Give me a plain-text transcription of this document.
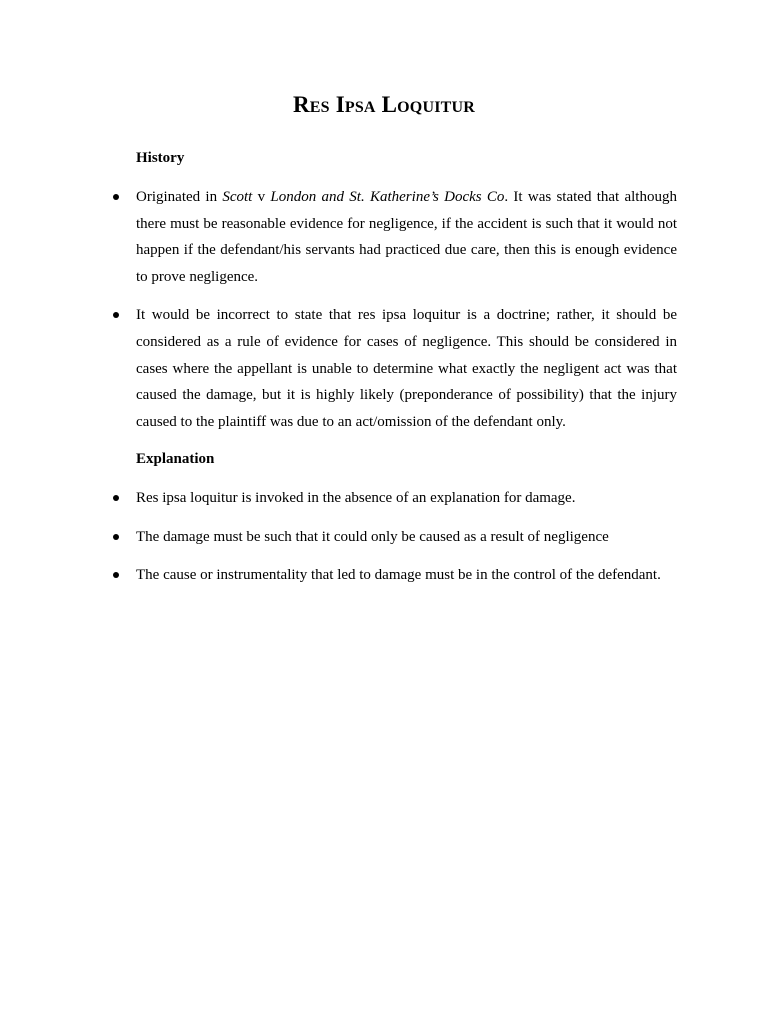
Res Ipsa Loquitur
History
Originated in Scott v London and St. Katherine’s Docks Co. It was stated that although there must be reasonable evidence for negligence, if the accident is such that it would not happen if the defendant/his servants had practiced due care, then this is enough evidence to prove negligence.
It would be incorrect to state that res ipsa loquitur is a doctrine; rather, it should be considered as a rule of evidence for cases of negligence. This should be considered in cases where the appellant is unable to determine what exactly the negligent act was that caused the damage, but it is highly likely (preponderance of possibility) that the injury caused to the plaintiff was due to an act/omission of the defendant only.
Explanation
Res ipsa loquitur is invoked in the absence of an explanation for damage.
The damage must be such that it could only be caused as a result of negligence
The cause or instrumentality that led to damage must be in the control of the defendant.
